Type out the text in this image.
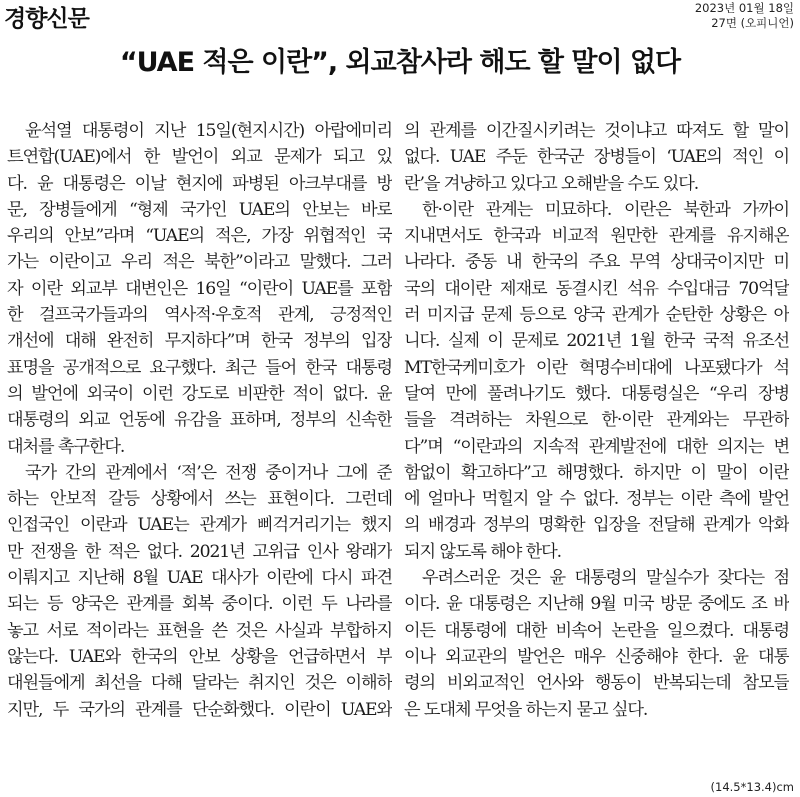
경향신문	2023년 01월 18일
27면 (오피니언)
“UAE 적은 이란”, 외교참사라 해도 할 말이 없다
윤석열 대통령이 지난 15일(현지시간) 아랍에미리
트연합(UAE)에서 한 발언이 외교 문제가 되고 있
다. 윤 대통령은 이날 현지에 파병된 아크부대를 방
문, 장병들에게 “형제 국가인 UAE의 안보는 바로
우리의 안보”라며 “UAE의 적은, 가장 위협적인 국
가는 이란이고 우리 적은 북한”이라고 말했다. 그러
자 이란 외교부 대변인은 16일 “이란이 UAE를 포함
한 걸프국가들과의 역사적·우호적 관계, 긍정적인
개선에 대해 완전히 무지하다”며 한국 정부의 입장
표명을 공개적으로 요구했다. 최근 들어 한국 대통령
의 발언에 외국이 이런 강도로 비판한 적이 없다. 윤
대통령의 외교 언동에 유감을 표하며, 정부의 신속한
대처를 촉구한다.
국가 간의 관계에서 ‘적’은 전쟁 중이거나 그에 준
하는 안보적 갈등 상황에서 쓰는 표현이다. 그런데
인접국인 이란과 UAE는 관계가 삐걱거리기는 했지
만 전쟁을 한 적은 없다. 2021년 고위급 인사 왕래가
이뤄지고 지난해 8월 UAE 대사가 이란에 다시 파견
되는 등 양국은 관계를 회복 중이다. 이런 두 나라를
놓고 서로 적이라는 표현을 쓴 것은 사실과 부합하지
않는다. UAE와 한국의 안보 상황을 언급하면서 부
대원들에게 최선을 다해 달라는 취지인 것은 이해하
지만, 두 국가의 관계를 단순화했다. 이란이 UAE와
의 관계를 이간질시키려는 것이냐고 따져도 할 말이
없다. UAE 주둔 한국군 장병들이 ‘UAE의 적인 이
란’을 겨냥하고 있다고 오해받을 수도 있다.
한·이란 관계는 미묘하다. 이란은 북한과 가까이
지내면서도 한국과 비교적 원만한 관계를 유지해온
나라다. 중동 내 한국의 주요 무역 상대국이지만 미
국의 대이란 제재로 동결시킨 석유 수입대금 70억달
러 미지급 문제 등으로 양국 관계가 순탄한 상황은 아
니다. 실제 이 문제로 2021년 1월 한국 국적 유조선
MT한국케미호가 이란 혁명수비대에 나포됐다가 석
달여 만에 풀려나기도 했다. 대통령실은 “우리 장병
들을 격려하는 차원으로 한·이란 관계와는 무관하
다”며 “이란과의 지속적 관계발전에 대한 의지는 변
함없이 확고하다”고 해명했다. 하지만 이 말이 이란
에 얼마나 먹힐지 알 수 없다. 정부는 이란 측에 발언
의 배경과 정부의 명확한 입장을 전달해 관계가 악화
되지 않도록 해야 한다.
우려스러운 것은 윤 대통령의 말실수가 잦다는 점
이다. 윤 대통령은 지난해 9월 미국 방문 중에도 조 바
이든 대통령에 대한 비속어 논란을 일으켰다. 대통령
이나 외교관의 발언은 매우 신중해야 한다. 윤 대통
령의 비외교적인 언사와 행동이 반복되는데 참모들
은 도대체 무엇을 하는지 묻고 싶다.
(14.5*13.4)cm
